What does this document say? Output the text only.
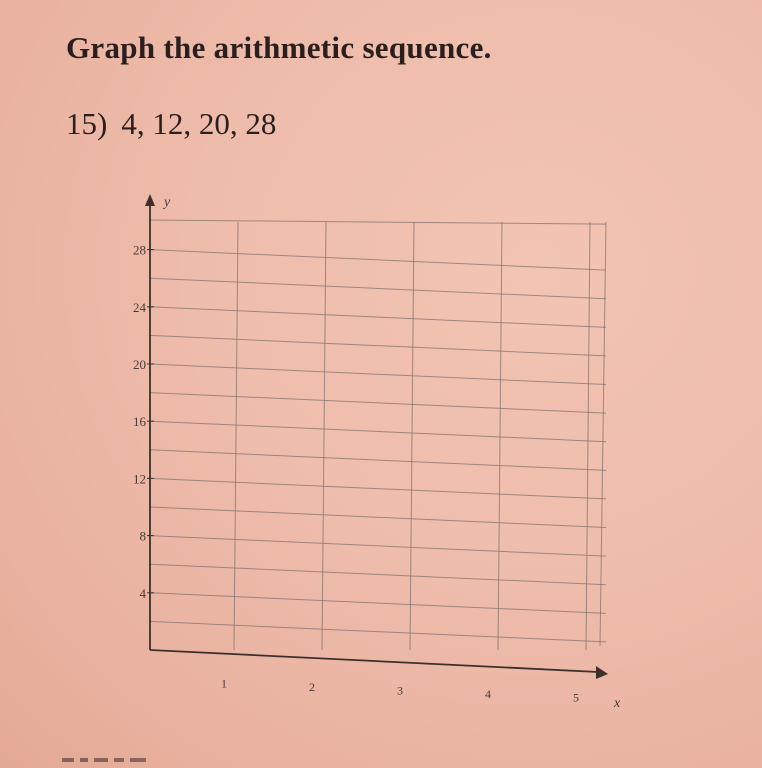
Graph the arithmetic sequence.
15) 4, 12, 20, 28
4
8
12
16
20
24
28
1	2	3	4	5
y
x
